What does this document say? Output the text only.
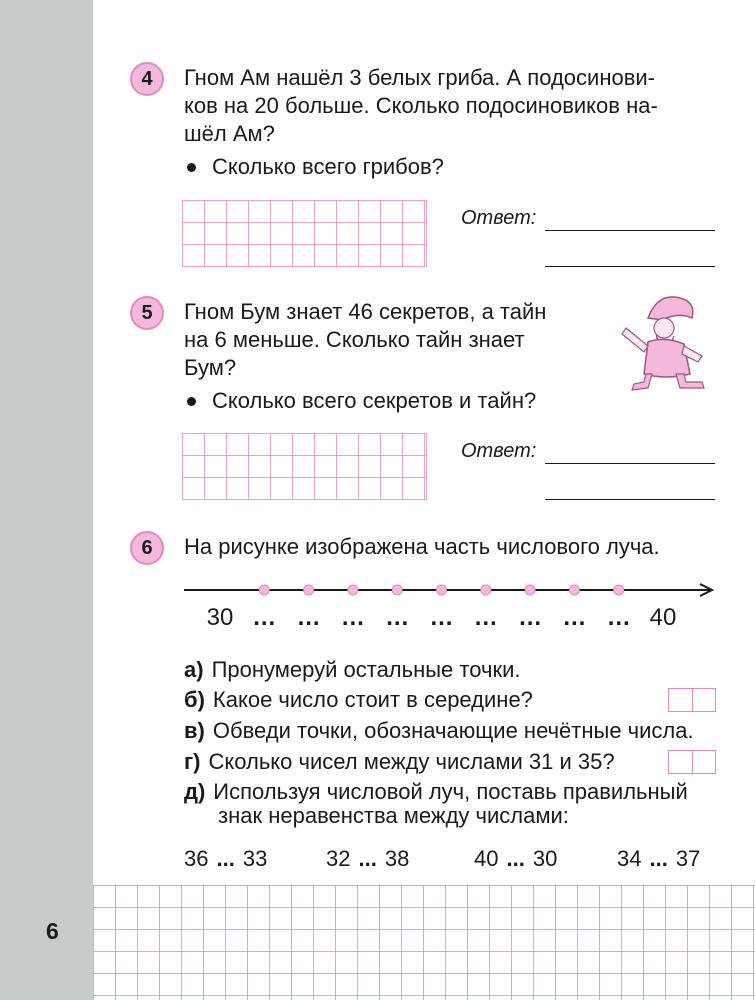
6
4	Гном Ам нашёл 3 белых гриба. А подосинови-
ков на 20 больше. Сколько подосиновиков на-
шёл Ам?
Сколько всего грибов?
Ответ:
5	Гном Бум знает 46 секретов, а тайн
на 6 меньше. Сколько тайн знает
Бум?
Сколько всего секретов и тайн?
Ответ:
6	На рисунке изображена часть числового луча.
30 … … … … … … … … … 40
а) Пронумеруй остальные точки.
б) Какое число стоит в середине?
в) Обведи точки, обозначающие нечётные числа.
г) Сколько чисел между числами 31 и 35?
д) Используя числовой луч, поставь правильный
знак неравенства между числами:
36 ... 33	32 ... 38	40 ... 30	34 ... 37
